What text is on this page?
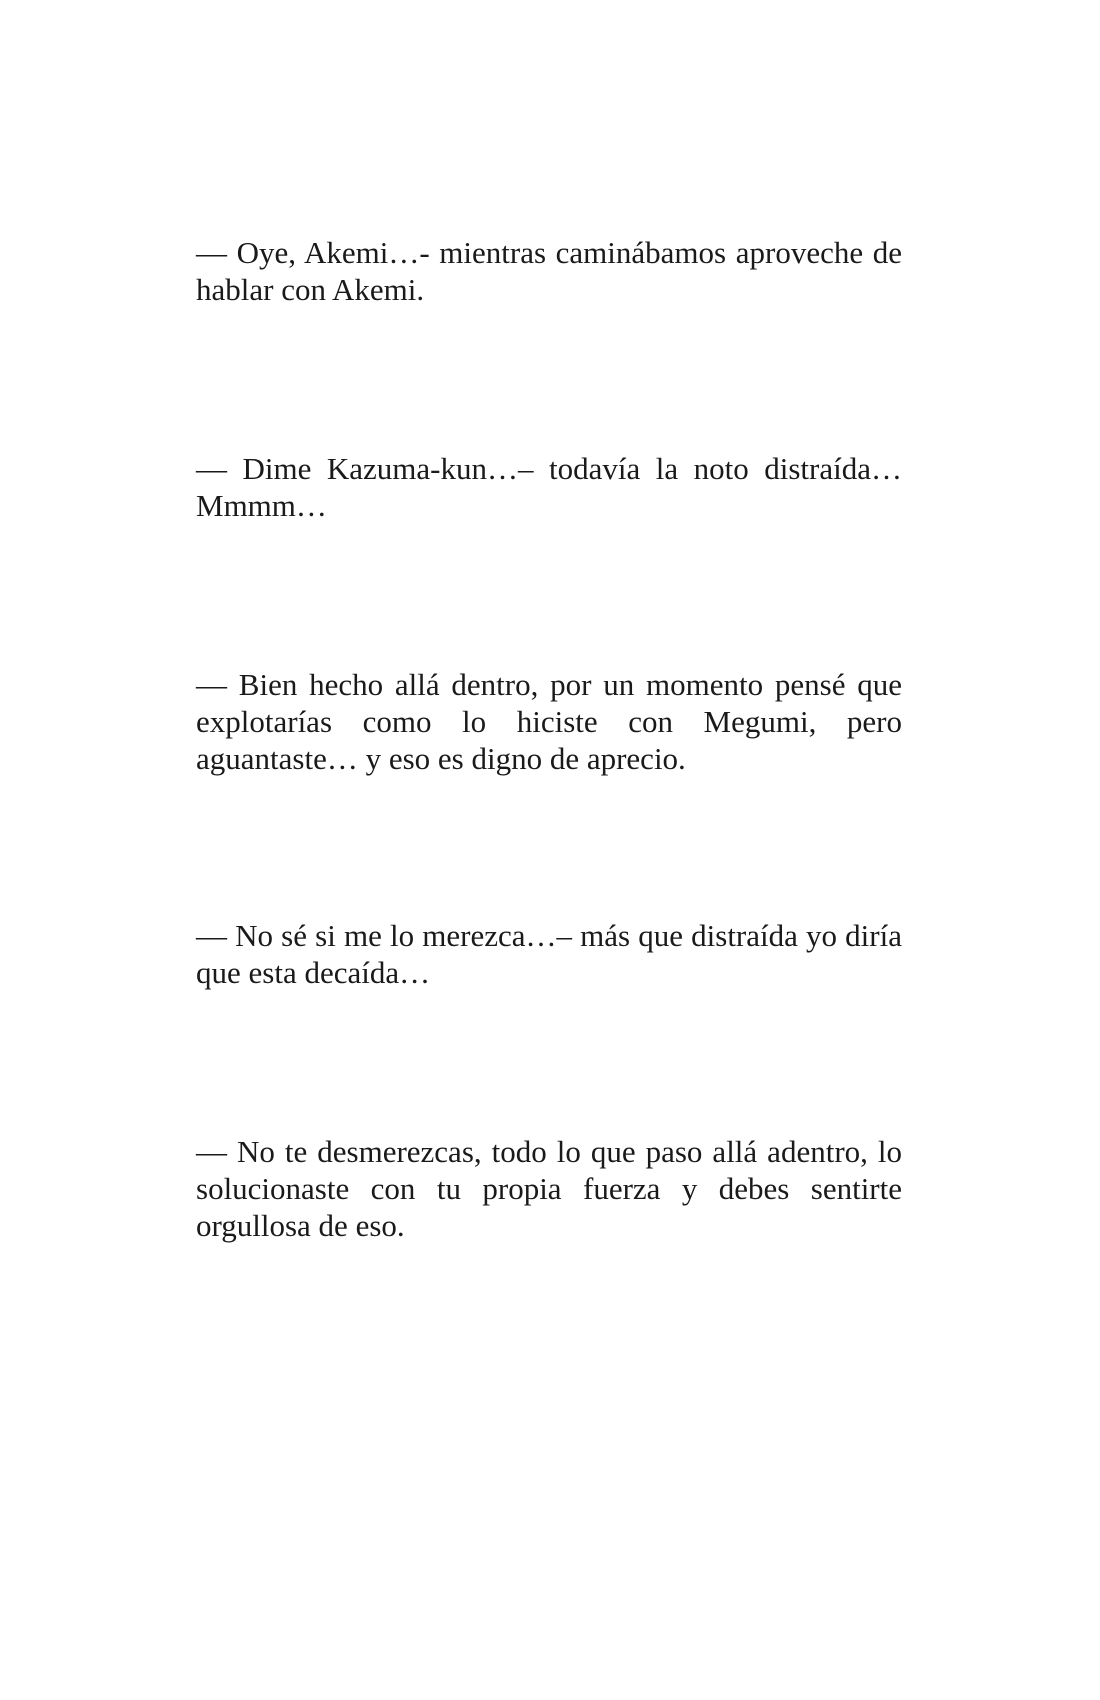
— Oye, Akemi…- mientras caminábamos aproveche de hablar con Akemi.

— Dime Kazuma-kun…– todavía la noto distraída… Mmmm…

— Bien hecho allá dentro, por un momento pensé que explotarías como lo hiciste con Megumi, pero aguantaste… y eso es digno de aprecio.

— No sé si me lo merezca…– más que distraída yo diría que esta decaída…

— No te desmerezcas, todo lo que paso allá adentro, lo solucionaste con tu propia fuerza y debes sentirte orgullosa de eso.
